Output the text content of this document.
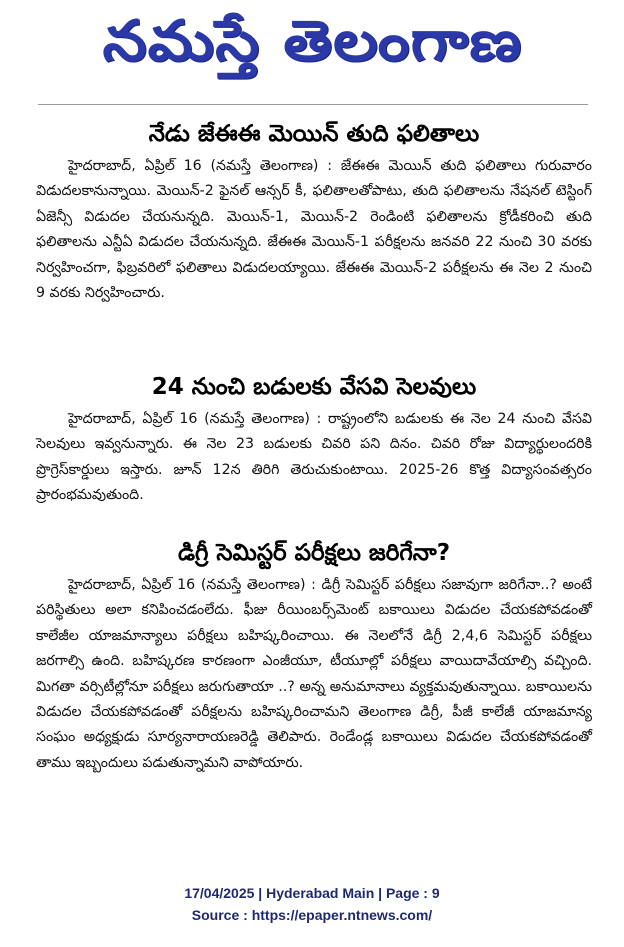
నమస్తే తెలంగాణ
నేడు జేఈఈ మెయిన్ తుది ఫలితాలు

హైదరాబాద్, ఏప్రిల్ 16 (నమస్తే తెలంగాణ) : జేఈఈ మెయిన్ తుది ఫలితాలు గురువారం విడుదలకానున్నాయి. మెయిన్-2 ఫైనల్ ఆన్సర్ కీ, ఫలితాలతోపాటు, తుది ఫలితాలను నేషనల్ టెస్టింగ్ ఏజెన్సీ విడుదల చేయనున్నది. మెయిన్-1, మెయిన్-2 రెండింటి ఫలితాలను క్రోడీకరించి తుది ఫలితాలను ఎన్టీఏ విడుదల చేయనున్నది. జేఈఈ మెయిన్-1 పరీక్షలను జనవరి 22 నుంచి 30 వరకు నిర్వహించగా, ఫిబ్రవరిలో ఫలితాలు విడుదలయ్యాయి. జేఈఈ మెయిన్-2 పరీక్షలను ఈ నెల 2 నుంచి 9 వరకు నిర్వహించారు.

24 నుంచి బడులకు వేసవి సెలవులు

హైదరాబాద్, ఏప్రిల్ 16 (నమస్తే తెలంగాణ) : రాష్ట్రంలోని బడులకు ఈ నెల 24 నుంచి వేసవి సెలవులు ఇవ్వనున్నారు. ఈ నెల 23 బడులకు చివరి పని దినం. చివరి రోజు విద్యార్థులందరికి ప్రొగ్రెస్‌కార్డులు ఇస్తారు. జూన్ 12న తిరిగి తెరుచుకుంటాయి. 2025-26 కొత్త విద్యాసంవత్సరం ప్రారంభమవుతుంది.

డిగ్రీ సెమిస్టర్ పరీక్షలు జరిగేనా?

హైదరాబాద్, ఏప్రిల్ 16 (నమస్తే తెలంగాణ) : డిగ్రీ సెమిస్టర్ పరీక్షలు సజావుగా జరిగేనా..? అంటే పరిస్థితులు అలా కనిపించడంలేదు. ఫీజు రీయింబర్స్‌మెంట్ బకాయిలు విడుదల చేయకపోవడంతో కాలేజీల యాజమాన్యాలు పరీక్షలు బహిష్కరించాయి. ఈ నెలలోనే డిగ్రీ 2,4,6 సెమిస్టర్ పరీక్షలు జరగాల్సి ఉంది. బహిష్కరణ కారణంగా ఎంజీయూ, టీయూల్లో పరీక్షలు వాయిదావేయాల్సి వచ్చింది. మిగతా వర్సిటీల్లోనూ పరీక్షలు జరుగుతాయా ..? అన్న అనుమానాలు వ్యక్తమవుతున్నాయి. బకాయిలను విడుదల చేయకపోవడంతో పరీక్షలను బహిష్కరించామని తెలంగాణ డిగ్రీ, పీజీ కాలేజీ యాజమాన్య సంఘం అధ్యక్షుడు సూర్యనారాయణరెడ్డి తెలిపారు. రెండేండ్ల బకాయిలు విడుదల చేయకపోవడంతో తాము ఇబ్బందులు పడుతున్నామని వాపోయారు.

17/04/2025 | Hyderabad Main | Page : 9
Source : https://epaper.ntnews.com/
